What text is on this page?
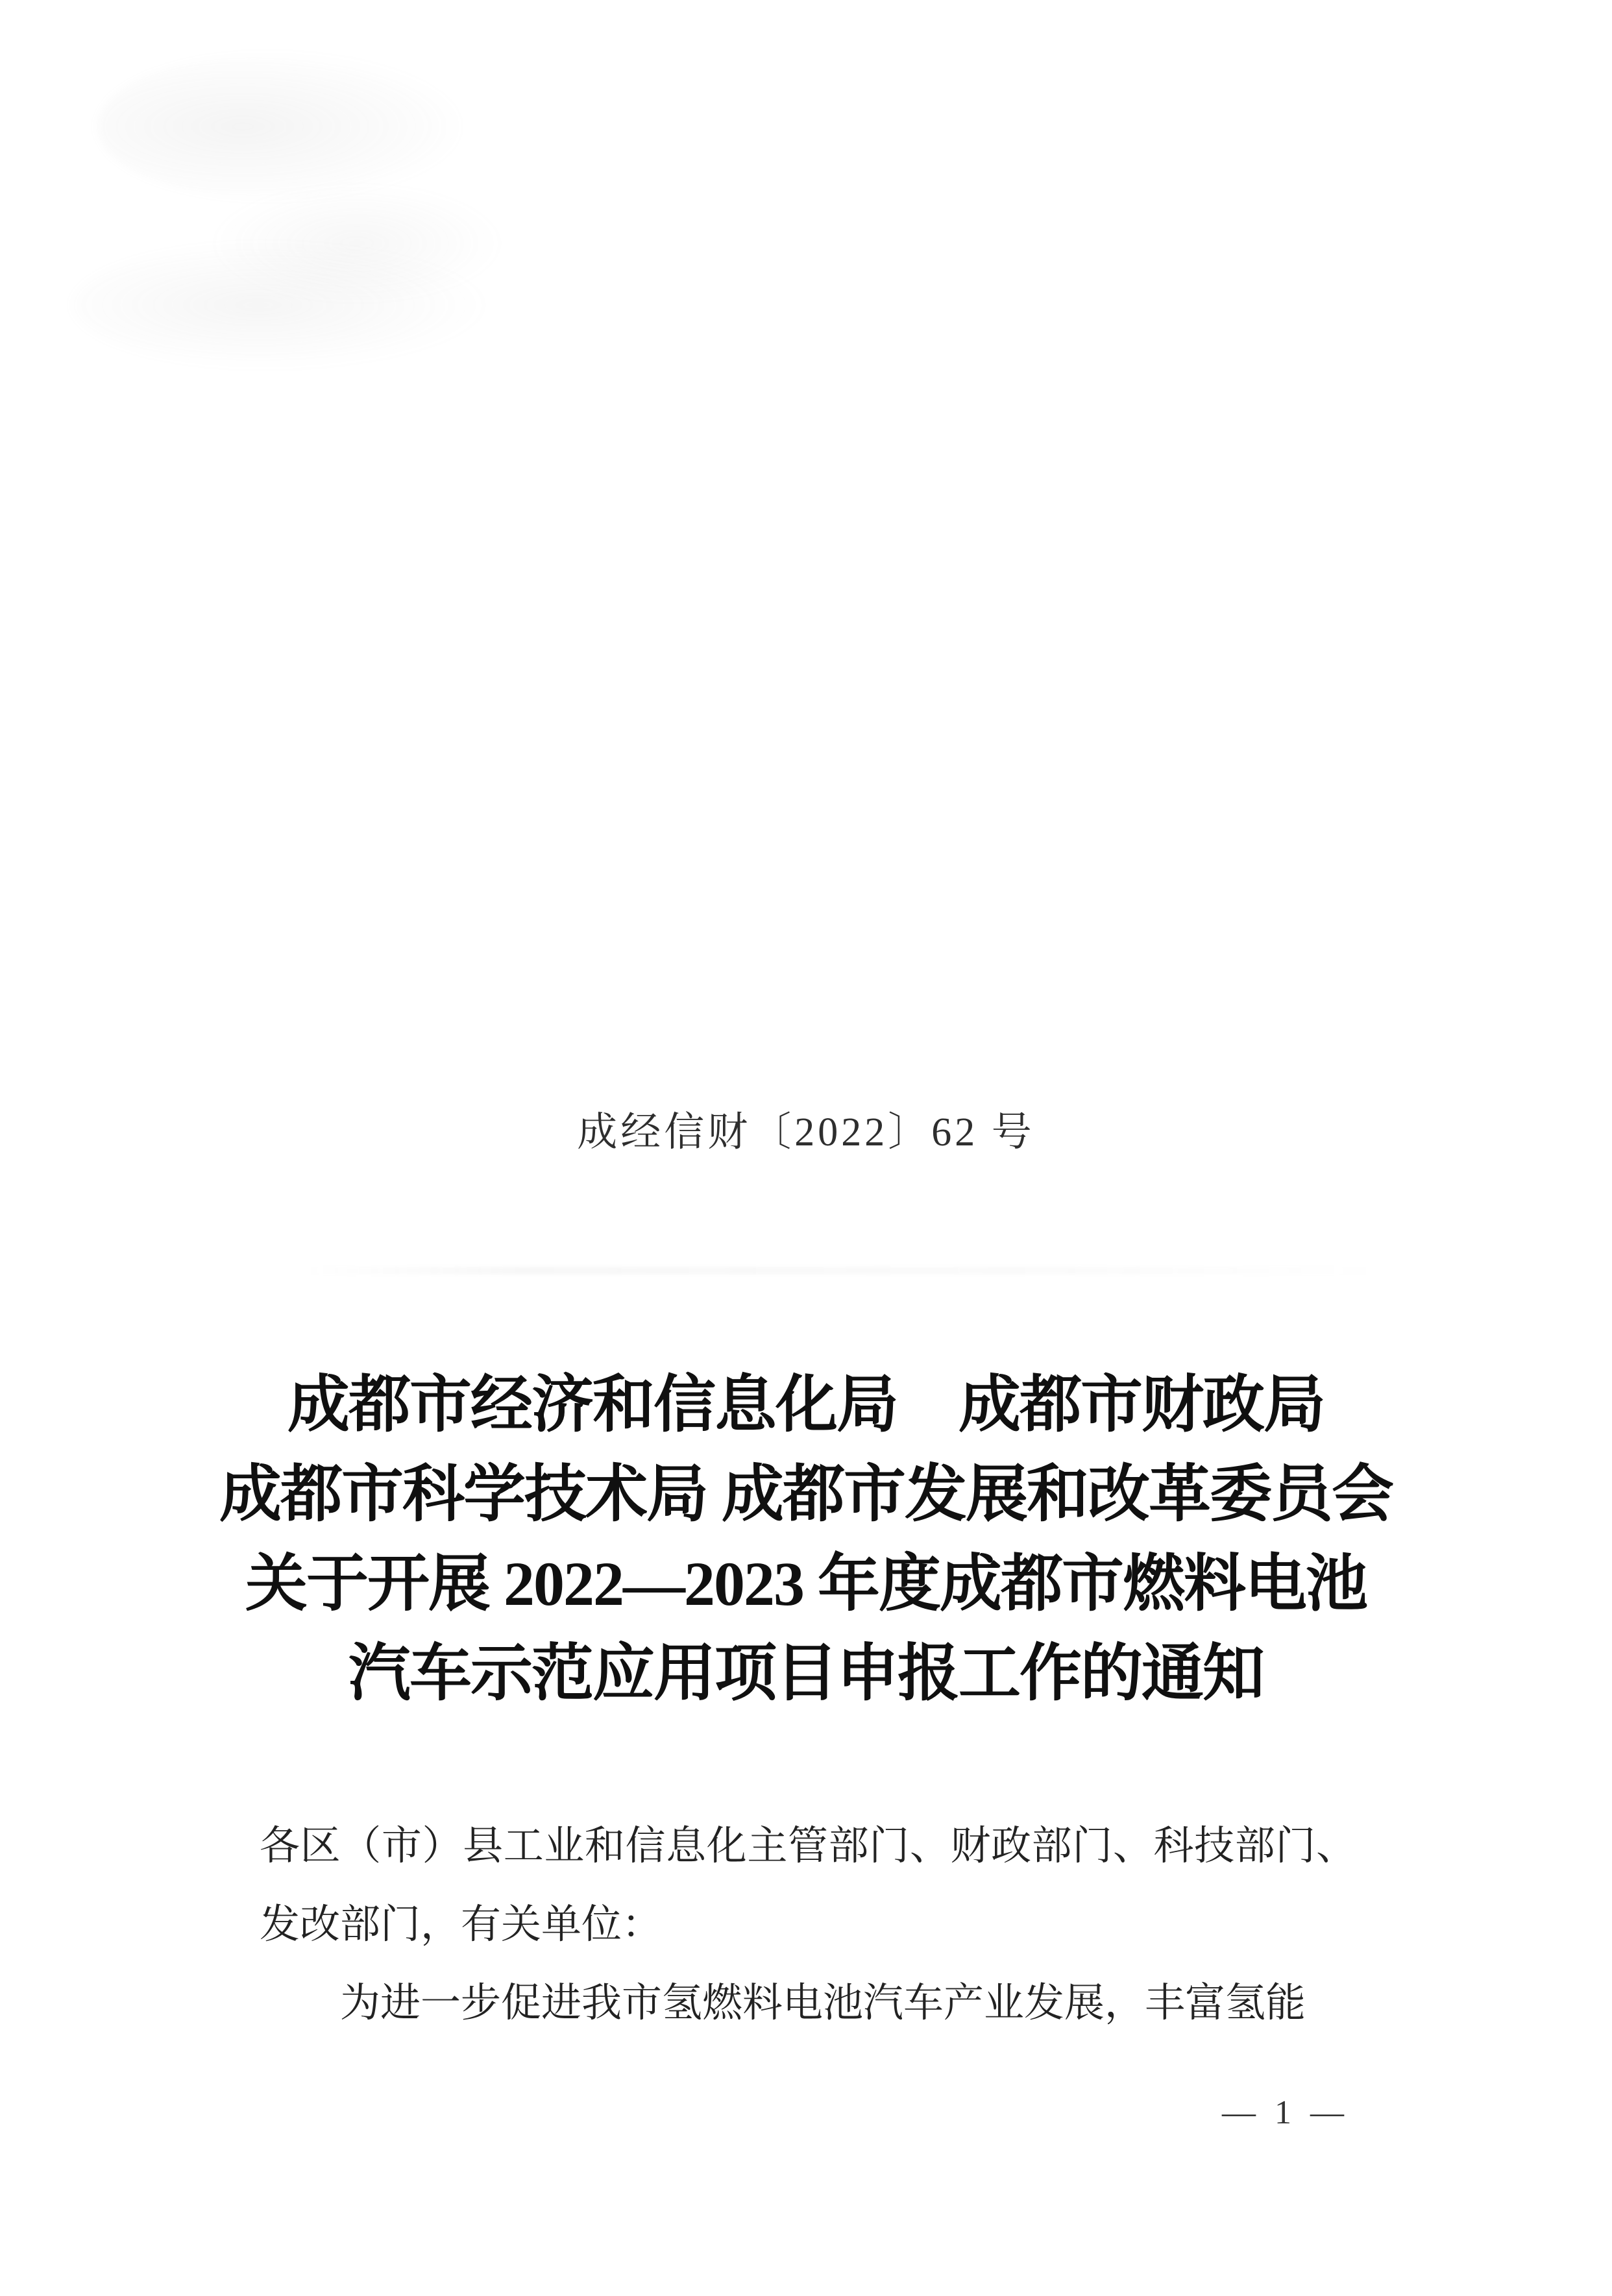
成经信财〔2022〕62 号
成都市经济和信息化局　成都市财政局
成都市科学技术局 成都市发展和改革委员会
关于开展 2022—2023 年度成都市燃料电池
汽车示范应用项目申报工作的通知
各区（市）县工业和信息化主管部门、财政部门、科技部门、
发改部门，有关单位：
为进一步促进我市氢燃料电池汽车产业发展，丰富氢能
— 1 —
